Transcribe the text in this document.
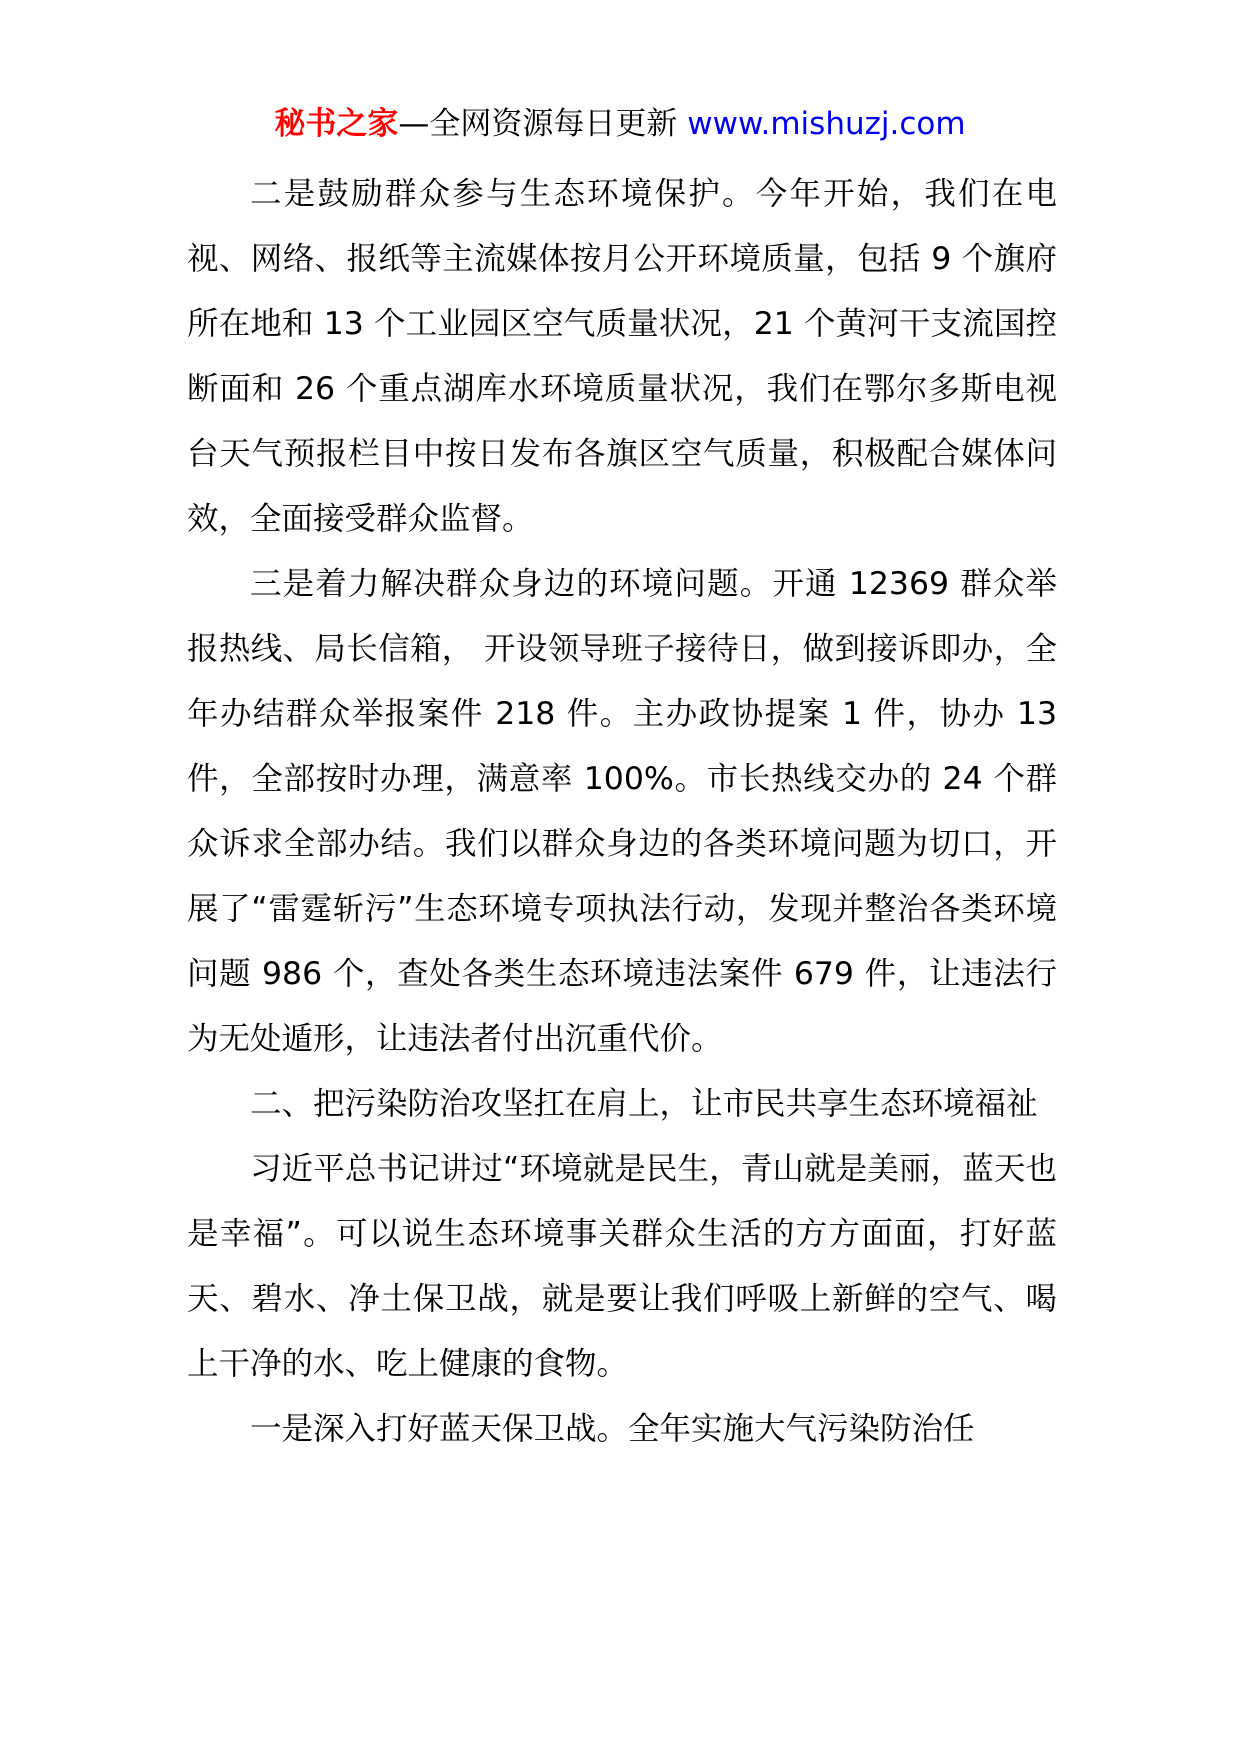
秘书之家—全网资源每日更新 www.mishuzj.com

二是鼓励群众参与生态环境保护。今年开始，我们在电视、网络、报纸等主流媒体按月公开环境质量，包括 9 个旗府所在地和 13 个工业园区空气质量状况，21 个黄河干支流国控断面和 26 个重点湖库水环境质量状况，我们在鄂尔多斯电视台天气预报栏目中按日发布各旗区空气质量，积极配合媒体问效，全面接受群众监督。

三是着力解决群众身边的环境问题。开通 12369 群众举报热线、局长信箱， 开设领导班子接待日，做到接诉即办，全年办结群众举报案件 218 件。主办政协提案 1 件，协办 13 件，全部按时办理，满意率 100%。市长热线交办的 24 个群众诉求全部办结。我们以群众身边的各类环境问题为切口，开展了“雷霆斩污”生态环境专项执法行动，发现并整治各类环境问题 986 个，查处各类生态环境违法案件 679 件，让违法行为无处遁形，让违法者付出沉重代价。

二、把污染防治攻坚扛在肩上，让市民共享生态环境福祉

习近平总书记讲过“环境就是民生，青山就是美丽，蓝天也是幸福”。可以说生态环境事关群众生活的方方面面，打好蓝天、碧水、净土保卫战，就是要让我们呼吸上新鲜的空气、喝上干净的水、吃上健康的食物。

一是深入打好蓝天保卫战。全年实施大气污染防治任
